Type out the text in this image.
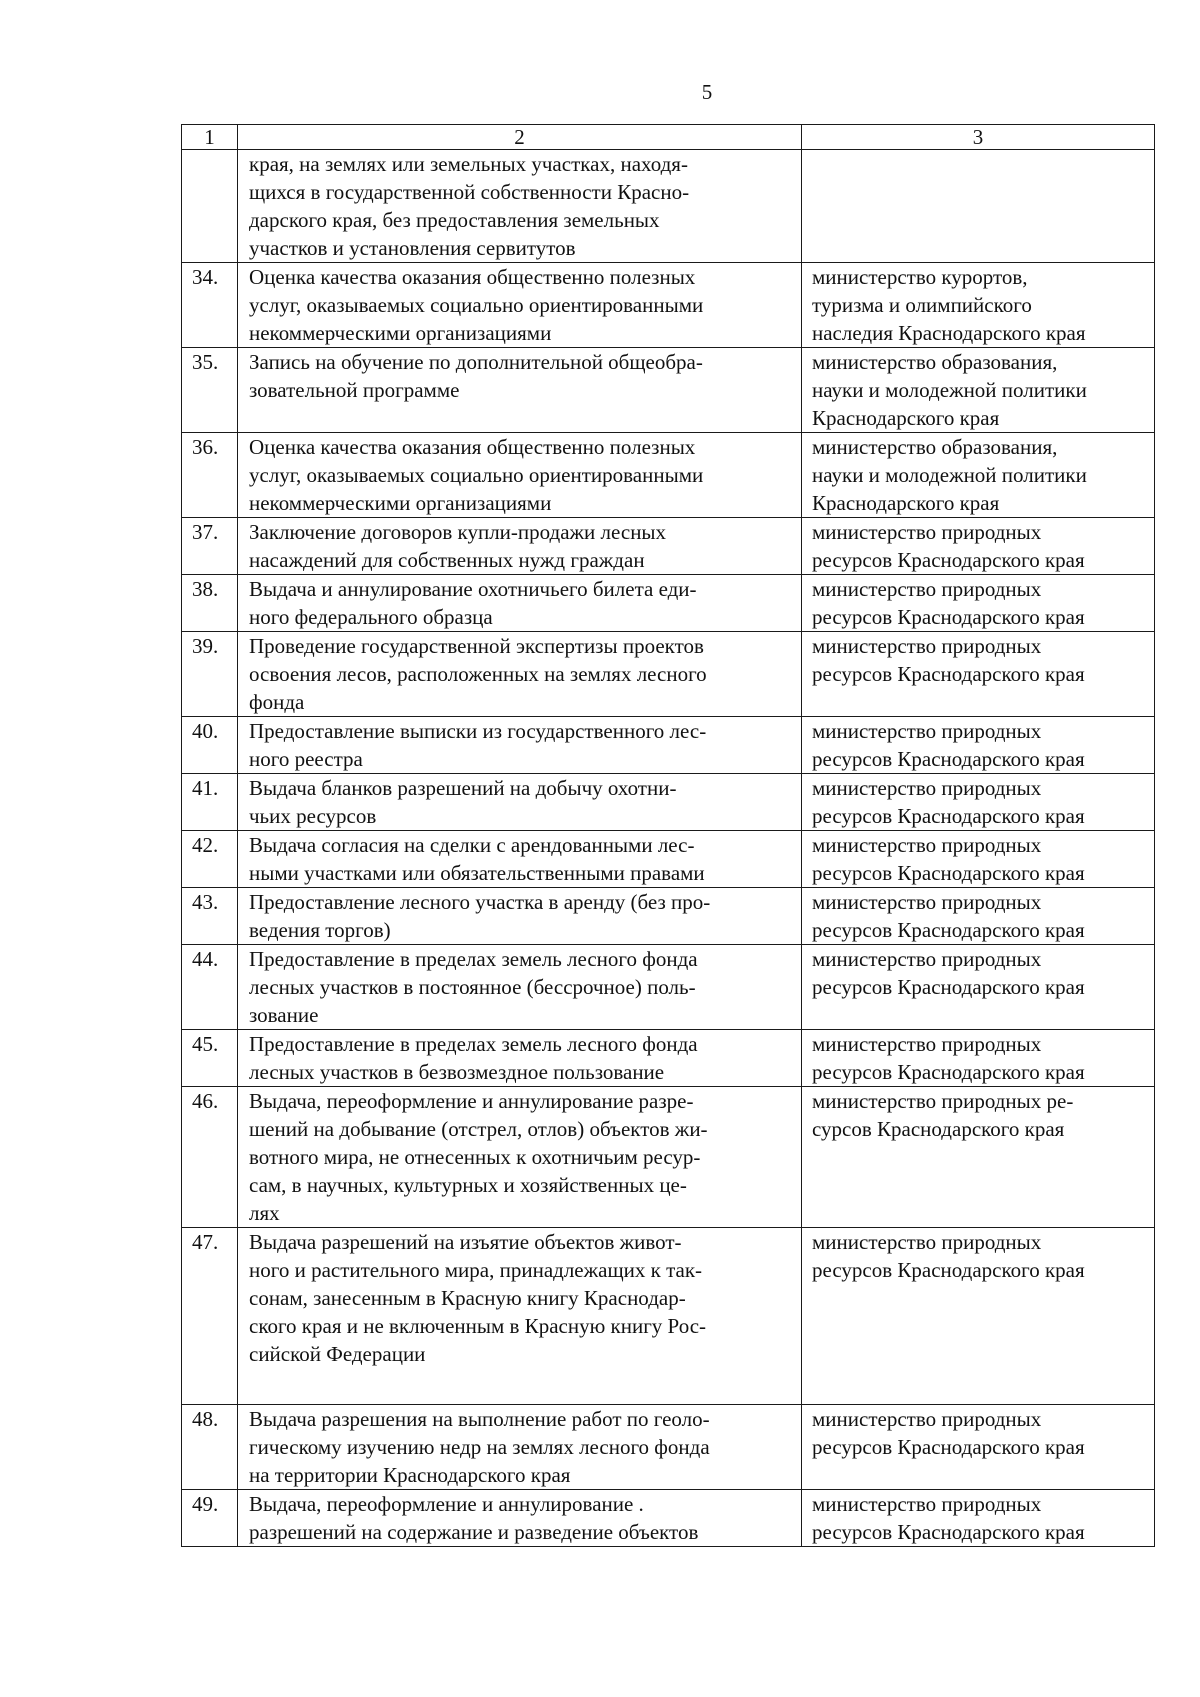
5
1	2	3
	края, на землях или земельных участках, находя-
щихся в государственной собственности Красно-
дарского края, без предоставления земельных
участков и установления сервитутов	
34.	Оценка качества оказания общественно полезных
услуг, оказываемых социально ориентированными
некоммерческими организациями	министерство курортов,
туризма и олимпийского
наследия Краснодарского края
35.	Запись на обучение по дополнительной общеобра-
зовательной программе	министерство образования,
науки и молодежной политики
Краснодарского края
36.	Оценка качества оказания общественно полезных
услуг, оказываемых социально ориентированными
некоммерческими организациями	министерство образования,
науки и молодежной политики
Краснодарского края
37.	Заключение договоров купли-продажи лесных
насаждений для собственных нужд граждан	министерство природных
ресурсов Краснодарского края
38.	Выдача и аннулирование охотничьего билета еди-
ного федерального образца	министерство природных
ресурсов Краснодарского края
39.	Проведение государственной экспертизы проектов
освоения лесов, расположенных на землях лесного
фонда	министерство природных
ресурсов Краснодарского края
40.	Предоставление выписки из государственного лес-
ного реестра	министерство природных
ресурсов Краснодарского края
41.	Выдача бланков разрешений на добычу охотни-
чьих ресурсов	министерство природных
ресурсов Краснодарского края
42.	Выдача согласия на сделки с арендованными лес-
ными участками или обязательственными правами	министерство природных
ресурсов Краснодарского края
43.	Предоставление лесного участка в аренду (без про-
ведения торгов)	министерство природных
ресурсов Краснодарского края
44.	Предоставление в пределах земель лесного фонда
лесных участков в постоянное (бессрочное) поль-
зование	министерство природных
ресурсов Краснодарского края
45.	Предоставление в пределах земель лесного фонда
лесных участков в безвозмездное пользование	министерство природных
ресурсов Краснодарского края
46.	Выдача, переоформление и аннулирование разре-
шений на добывание (отстрел, отлов) объектов жи-
вотного мира, не отнесенных к охотничьим ресур-
сам, в научных, культурных и хозяйственных це-
лях	министерство природных ре-
сурсов Краснодарского края
47.	Выдача разрешений на изъятие объектов живот-
ного и растительного мира, принадлежащих к так-
сонам, занесенным в Красную книгу Краснодар-
ского края и не включенным в Красную книгу Рос-
сийской Федерации	министерство природных
ресурсов Краснодарского края
48.	Выдача разрешения на выполнение работ по геоло-
гическому изучению недр на землях лесного фонда
на территории Краснодарского края	министерство природных
ресурсов Краснодарского края
49.	Выдача, переоформление и аннулирование .
разрешений на содержание и разведение объектов	министерство природных
ресурсов Краснодарского края
